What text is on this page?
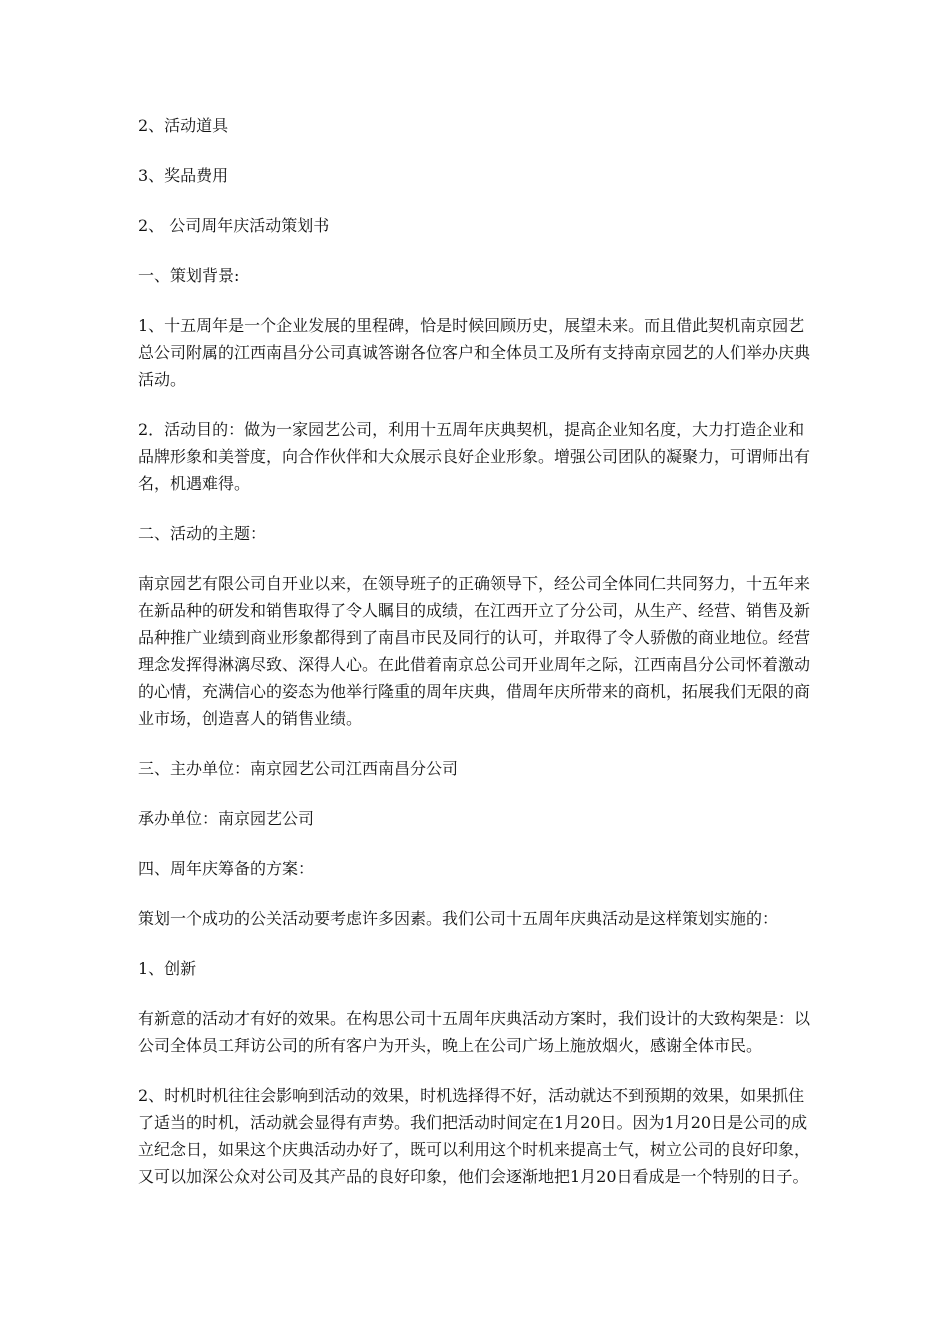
2、活动道具

3、奖品费用

2、 公司周年庆活动策划书

一、策划背景:

1、十五周年是一个企业发展的里程碑，恰是时候回顾历史，展望未来。而且借此契机南京园艺总公司附属的江西南昌分公司真诚答谢各位客户和全体员工及所有支持南京园艺的人们举办庆典活动。

2．活动目的：做为一家园艺公司，利用十五周年庆典契机，提高企业知名度，大力打造企业和品牌形象和美誉度，向合作伙伴和大众展示良好企业形象。增强公司团队的凝聚力，可谓师出有名，机遇难得。

二、活动的主题：

南京园艺有限公司自开业以来，在领导班子的正确领导下，经公司全体同仁共同努力，十五年来在新品种的研发和销售取得了令人瞩目的成绩，在江西开立了分公司，从生产、经营、销售及新品种推广业绩到商业形象都得到了南昌市民及同行的认可，并取得了令人骄傲的商业地位。经营理念发挥得淋漓尽致、深得人心。在此借着南京总公司开业周年之际，江西南昌分公司怀着激动的心情，充满信心的姿态为他举行隆重的周年庆典，借周年庆所带来的商机，拓展我们无限的商业市场，创造喜人的销售业绩。

三、主办单位：南京园艺公司江西南昌分公司

承办单位：南京园艺公司

四、周年庆筹备的方案：

策划一个成功的公关活动要考虑许多因素。我们公司十五周年庆典活动是这样策划实施的：

1、创新

有新意的活动才有好的效果。在构思公司十五周年庆典活动方案时，我们设计的大致构架是：以公司全体员工拜访公司的所有客户为开头，晚上在公司广场上施放烟火，感谢全体市民。

2、时机时机往往会影响到活动的效果，时机选择得不好，活动就达不到预期的效果，如果抓住了适当的时机，活动就会显得有声势。我们把活动时间定在1月20日。因为1月20日是公司的成立纪念日，如果这个庆典活动办好了，既可以利用这个时机来提高士气，树立公司的良好印象，又可以加深公众对公司及其产品的良好印象，他们会逐渐地把1月20日看成是一个特别的日子。
